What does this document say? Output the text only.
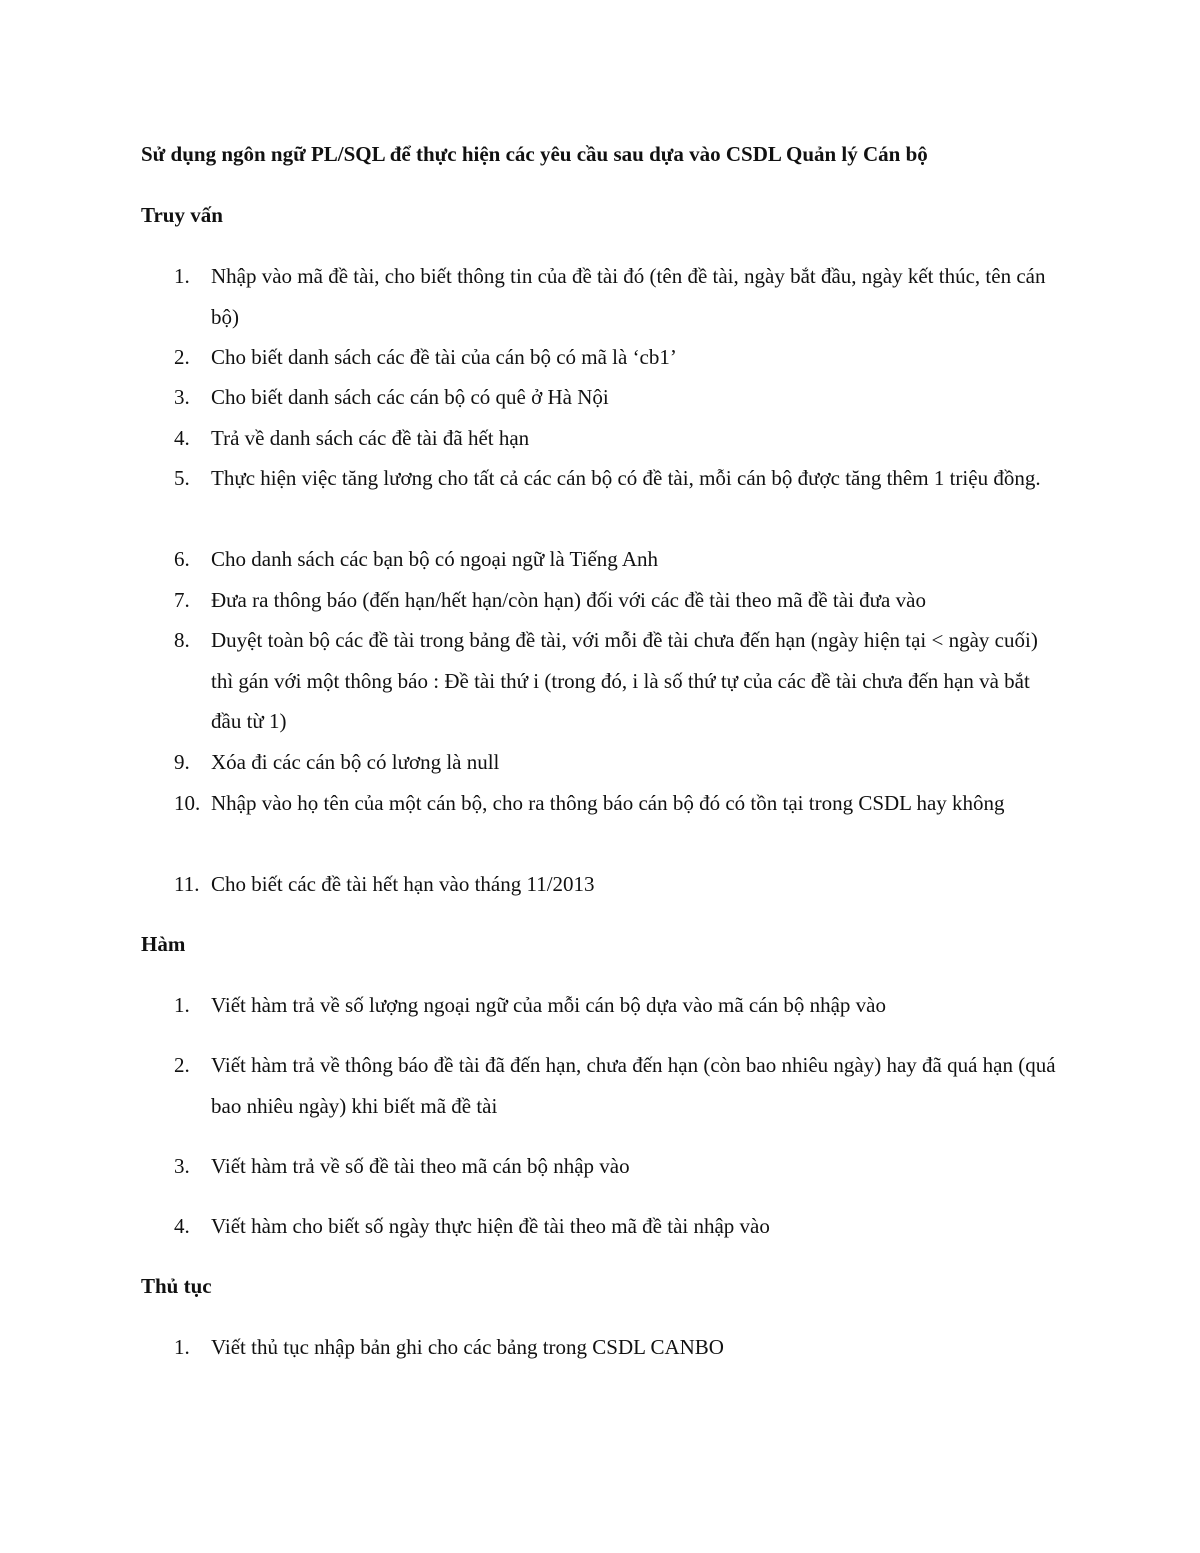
Sử dụng ngôn ngữ PL/SQL để thực hiện các yêu cầu sau dựa vào CSDL Quản lý Cán bộ

Truy vấn

1.	Nhập vào mã đề tài, cho biết thông tin của đề tài đó (tên đề tài, ngày bắt đầu, ngày kết thúc, tên cán bộ)
2.	Cho biết danh sách các đề tài của cán bộ có mã là ‘cb1’
3.	Cho biết danh sách các cán bộ có quê ở Hà Nội
4.	Trả về danh sách các đề tài đã hết hạn
5.	Thực hiện việc tăng lương cho tất cả các cán bộ có đề tài, mỗi cán bộ được tăng thêm 1 triệu đồng.
6.	Cho danh sách các bạn bộ có ngoại ngữ là Tiếng Anh
7.	Đưa ra thông báo (đến hạn/hết hạn/còn hạn) đối với các đề tài theo mã đề tài đưa vào
8.	Duyệt toàn bộ các đề tài trong bảng đề tài, với mỗi đề tài chưa đến hạn (ngày hiện tại < ngày cuối) thì gán với một thông báo : Đề tài thứ i (trong đó, i là số thứ tự của các đề tài chưa đến hạn và bắt đầu từ 1)
9.	Xóa đi các cán bộ có lương là null
10. Nhập vào họ tên của một cán bộ, cho ra thông báo cán bộ đó có tồn tại trong CSDL hay không
11. Cho biết các đề tài hết hạn vào tháng 11/2013

Hàm

1.	Viết hàm trả về số lượng ngoại ngữ của mỗi cán bộ dựa vào mã cán bộ nhập vào
2.	Viết hàm trả về thông báo đề tài đã đến hạn, chưa đến hạn (còn bao nhiêu ngày) hay đã quá hạn (quá bao nhiêu ngày) khi biết mã đề tài
3.	Viết hàm trả về số đề tài theo mã cán bộ nhập vào
4.	Viết hàm cho biết số ngày thực hiện đề tài theo mã đề tài nhập vào

Thủ tục

1.	Viết thủ tục nhập bản ghi cho các bảng trong CSDL CANBO
